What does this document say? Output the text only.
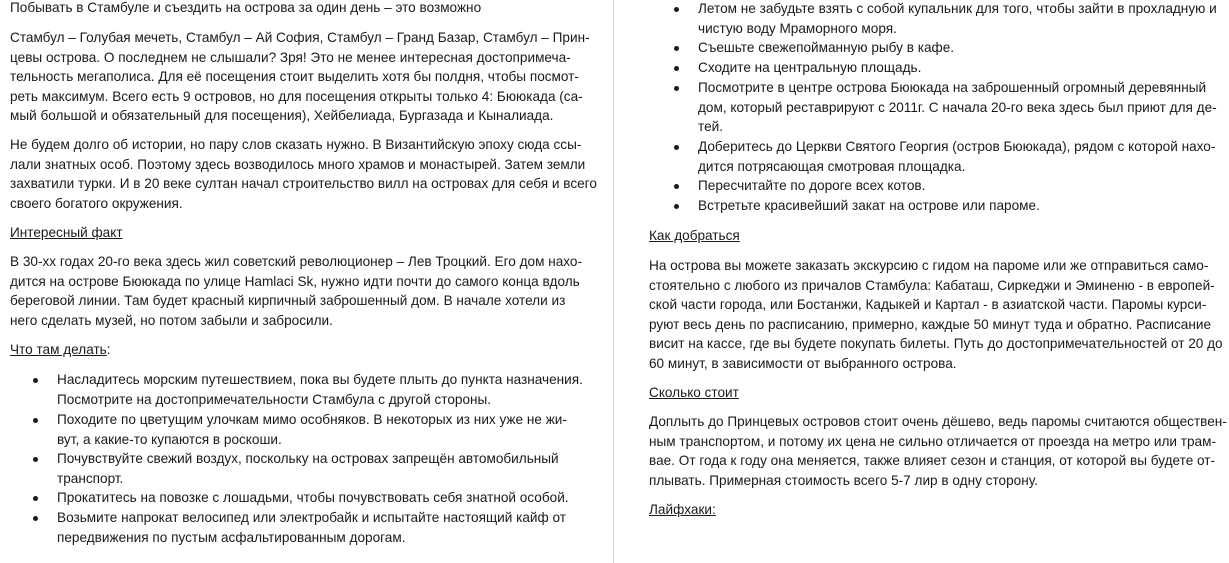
Побывать в Стамбуле и съездить на острова за один день – это возможно

Стамбул – Голубая мечеть, Стамбул – Ай София, Стамбул – Гранд Базар, Стамбул – Прин-
цевы острова. О последнем не слышали? Зря! Это не менее интересная достопримеча-
тельность мегаполиса. Для её посещения стоит выделить хотя бы полдня, чтобы посмот-
реть максимум. Всего есть 9 островов, но для посещения открыты только 4: Бююкада (са-
мый большой и обязательный для посещения), Хейбелиада, Бургазада и Кыналиада.

Не будем долго об истории, но пару слов сказать нужно. В Византийскую эпоху сюда ссы-
лали знатных особ. Поэтому здесь возводилось много храмов и монастырей. Затем земли
захватили турки. И в 20 веке султан начал строительство вилл на островах для себя и всего
своего богатого окружения.

Интересный факт

В 30-хх годах 20-го века здесь жил советский революционер – Лев Троцкий. Его дом нахо-
дится на острове Бююкада по улице Hamlaci Sk, нужно идти почти до самого конца вдоль
береговой линии. Там будет красный кирпичный заброшенный дом. В начале хотели из
него сделать музей, но потом забыли и забросили.

Что там делать:

Насладитесь морским путешествием, пока вы будете плыть до пункта назначения.
Посмотрите на достопримечательности Стамбула с другой стороны.

Походите по цветущим улочкам мимо особняков. В некоторых из них уже не жи-
вут, а какие-то купаются в роскоши.

Почувствуйте свежий воздух, поскольку на островах запрещён автомобильный
транспорт.

Прокатитесь на повозке с лошадьми, чтобы почувствовать себя знатной особой.

Возьмите напрокат велосипед или электробайк и испытайте настоящий кайф от
передвижения по пустым асфальтированным дорогам.

Летом не забудьте взять с собой купальник для того, чтобы зайти в прохладную и
чистую воду Мраморного моря.

Съешьте свежепойманную рыбу в кафе.

Сходите на центральную площадь.

Посмотрите в центре острова Бююкада на заброшенный огромный деревянный
дом, который реставрируют с 2011г. С начала 20-го века здесь был приют для де-
тей.

Доберитесь до Церкви Святого Георгия (остров Бююкада), рядом с которой нахо-
дится потрясающая смотровая площадка.

Пересчитайте по дороге всех котов.

Встретьте красивейший закат на острове или пароме.

Как добраться

На острова вы можете заказать экскурсию с гидом на пароме или же отправиться само-
стоятельно с любого из причалов Стамбула: Кабаташ, Сиркеджи и Эминеню - в европей-
ской части города, или Бостанжи, Кадыкей и Картал - в азиатской части. Паромы курси-
руют весь день по расписанию, примерно, каждые 50 минут туда и обратно. Расписание
висит на кассе, где вы будете покупать билеты. Путь до достопримечательностей от 20 до
60 минут, в зависимости от выбранного острова.

Сколько стоит

Доплыть до Принцевых островов стоит очень дёшево, ведь паромы считаются обществен-
ным транспортом, и потому их цена не сильно отличается от проезда на метро или трам-
вае. От года к году она меняется, также влияет сезон и станция, от которой вы будете от-
плывать. Примерная стоимость всего 5-7 лир в одну сторону.

Лайфхаки:
